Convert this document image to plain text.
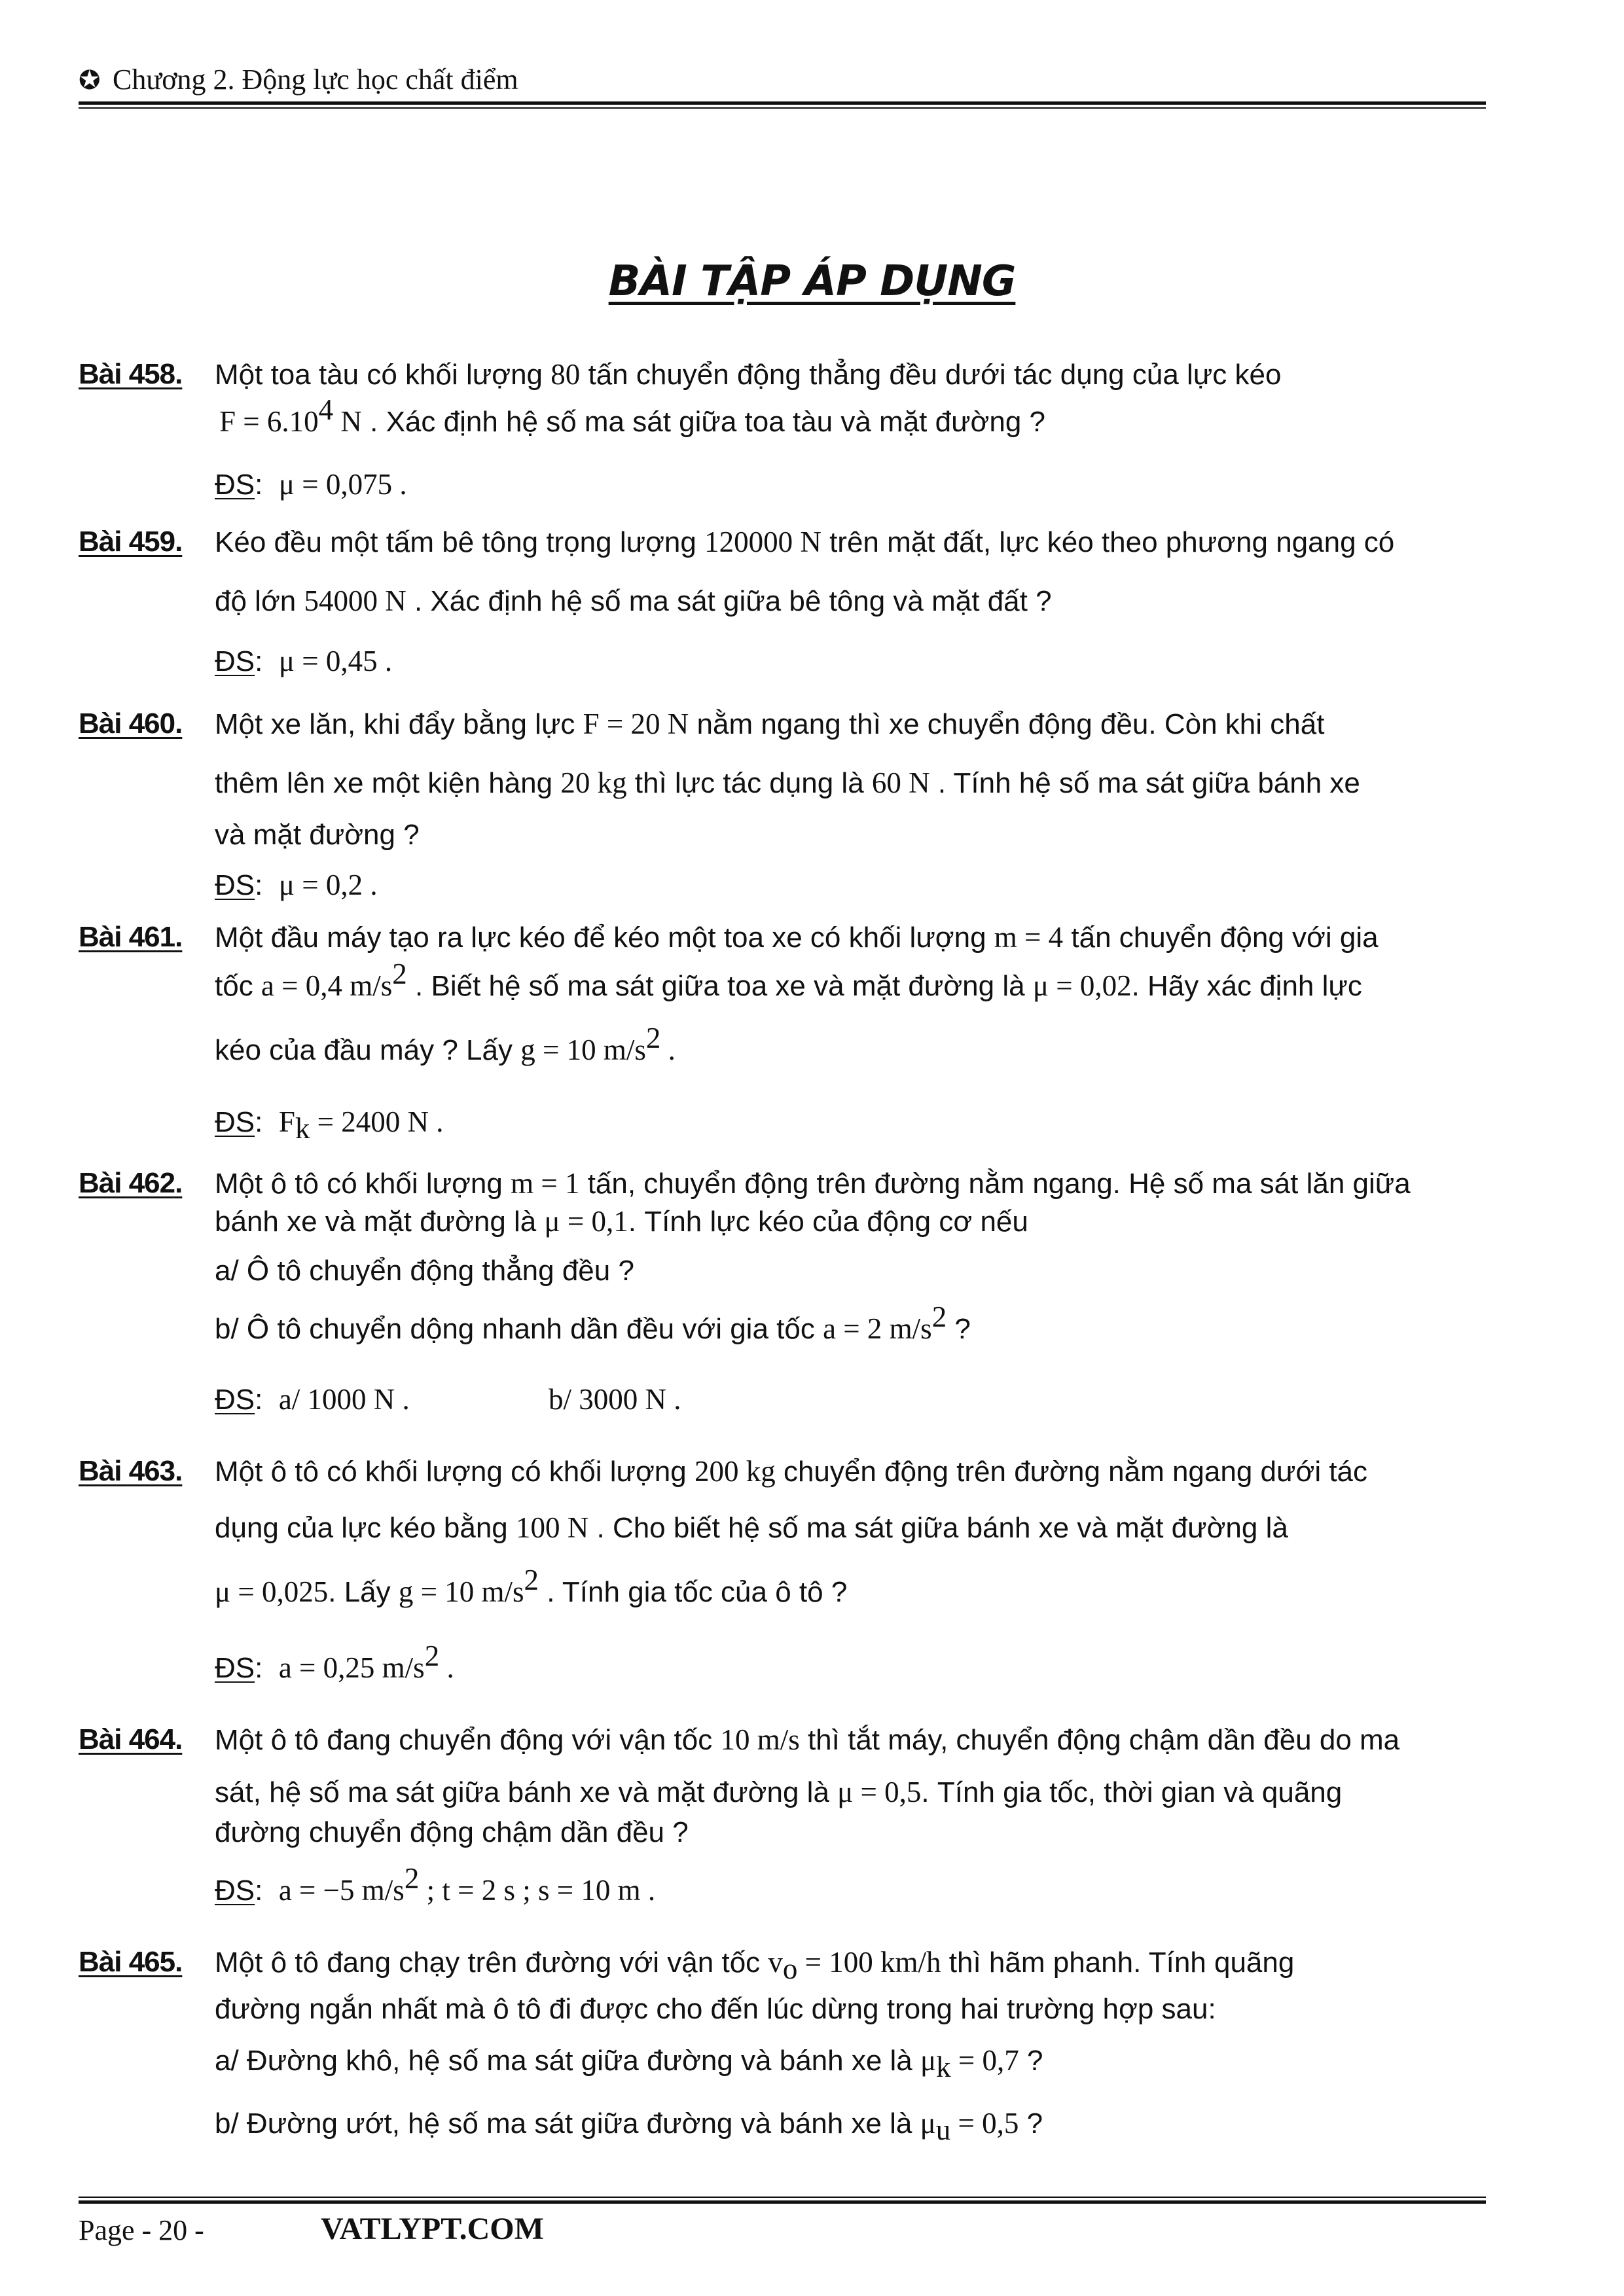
✪ Chương 2. Động lực học chất điểm
BÀI TẬP ÁP DỤNG
Bài 458. Một toa tàu có khối lượng 80 tấn chuyển động thẳng đều dưới tác dụng của lực kéo
$F = 6.10^4$ N . Xác định hệ số ma sát giữa toa tàu và mặt đường ?
ĐS: μ = 0,075 .
Bài 459. Kéo đều một tấm bê tông trọng lượng 120000 N trên mặt đất, lực kéo theo phương ngang có
độ lớn 54000 N . Xác định hệ số ma sát giữa bê tông và mặt đất ?
ĐS: μ = 0,45 .
Bài 460. Một xe lăn, khi đẩy bằng lực F = 20 N nằm ngang thì xe chuyển động đều. Còn khi chất
thêm lên xe một kiện hàng 20 kg thì lực tác dụng là 60 N . Tính hệ số ma sát giữa bánh xe
và mặt đường ?
ĐS: μ = 0,2 .
Bài 461. Một đầu máy tạo ra lực kéo để kéo một toa xe có khối lượng m = 4 tấn chuyển động với gia
tốc a = 0,4 $m/s^2$ . Biết hệ số ma sát giữa toa xe và mặt đường là μ = 0,02. Hãy xác định lực
kéo của đầu máy ? Lấy g = 10 $m/s^2$ .
ĐS: $F_k = 2400$ N .
Bài 462. Một ô tô có khối lượng m = 1 tấn, chuyển động trên đường nằm ngang. Hệ số ma sát lăn giữa
bánh xe và mặt đường là μ = 0,1. Tính lực kéo của động cơ nếu
a/ Ô tô chuyển động thẳng đều ?
b/ Ô tô chuyển dộng nhanh dần đều với gia tốc a = 2 $m/s^2$ ?
ĐS: a/ 1000 N .	b/ 3000 N .
Bài 463. Một ô tô có khối lượng có khối lượng 200 kg chuyển động trên đường nằm ngang dưới tác
dụng của lực kéo bằng 100 N . Cho biết hệ số ma sát giữa bánh xe và mặt đường là
μ = 0,025. Lấy g = 10 $m/s^2$ . Tính gia tốc của ô tô ?
ĐS: a = 0,25 $m/s^2$ .
Bài 464. Một ô tô đang chuyển động với vận tốc 10 m/s thì tắt máy, chuyển động chậm dần đều do ma
sát, hệ số ma sát giữa bánh xe và mặt đường là μ = 0,5. Tính gia tốc, thời gian và quãng
đường chuyển động chậm dần đều ?
ĐS: a = −5 $m/s^2$ ; t = 2 s ; s = 10 m .
Bài 465. Một ô tô đang chạy trên đường với vận tốc $v_o = 100$ km/h thì hãm phanh. Tính quãng
đường ngắn nhất mà ô tô đi được cho đến lúc dừng trong hai trường hợp sau:
a/ Đường khô, hệ số ma sát giữa đường và bánh xe là $\mu_k = 0,7$ ?
b/ Đường ướt, hệ số ma sát giữa đường và bánh xe là $\mu_u = 0,5$ ?
Page - 20 -	VATLYPT.COM
